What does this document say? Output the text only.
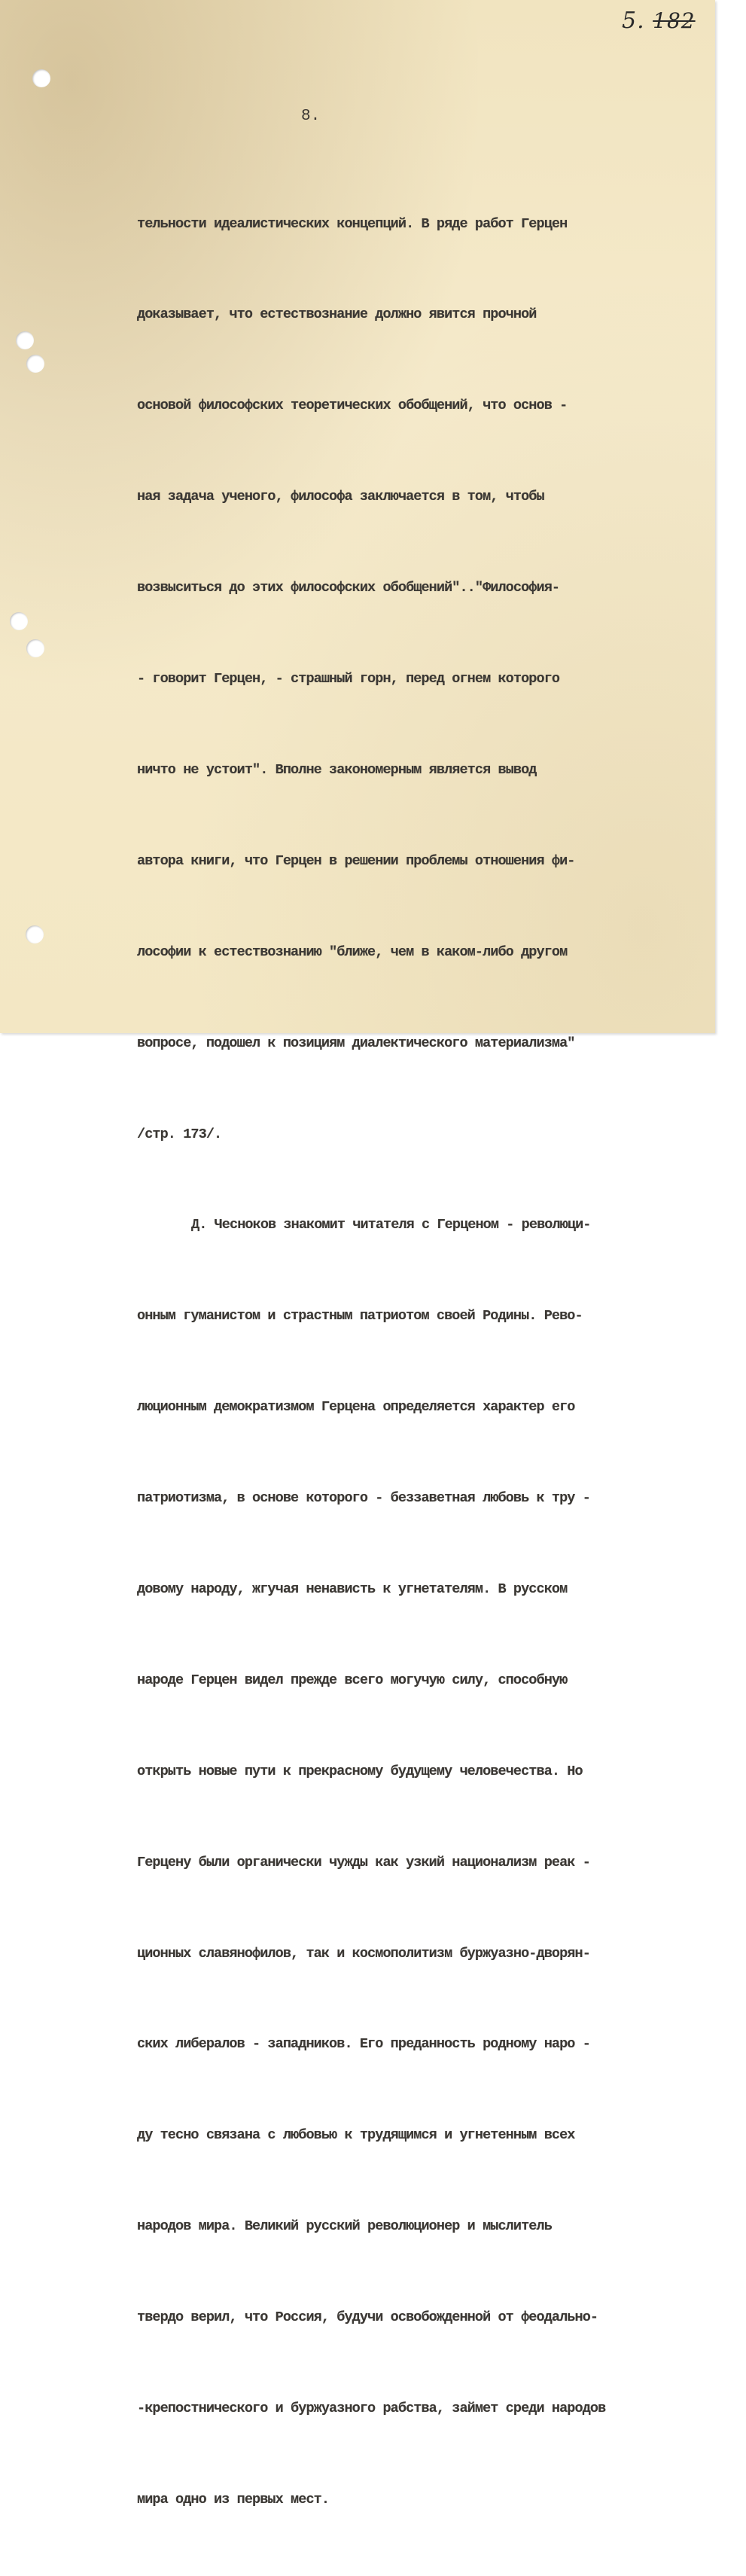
5. 182
8.

тельности идеалистических концепций. В ряде работ Герцен

доказывает, что естествознание должно явится прочной

основой философских теоретических обобщений, что основ -

ная задача ученого, философа заключается в том, чтобы

возвыситься до этих философских обобщений".."Философия-

- говорит Герцен, - страшный горн, перед огнем которого

ничто не устоит". Вполне закономерным является вывод

автора книги, что Герцен в решении проблемы отношения фи-

лософии к естествознанию "ближе, чем в каком-либо другом

вопросе, подошел к позициям диалектического материализма"

/стр. 173/.

Д. Чесноков знакомит читателя с Герценом - революци-

онным гуманистом и страстным патриотом своей Родины. Рево-

люционным демократизмом Герцена определяется характер его

патриотизма, в основе которого - беззаветная любовь к тру -

довому народу, жгучая ненависть к угнетателям. В русском

народе Герцен видел прежде всего могучую силу, способную

открыть новые пути к прекрасному будущему человечества. Но

Герцену были органически чужды как узкий национализм реак -

ционных славянофилов, так и космополитизм буржуазно-дворян-

ских либералов - западников. Его преданность родному наро -

ду тесно связана с любовью к трудящимся и угнетенным всех

народов мира. Великий русский революционер и мыслитель

твердо верил, что Россия, будучи освобожденной от феодально-

-крепостнического и буржуазного рабства, займет среди народов

мира одно из первых мест.
